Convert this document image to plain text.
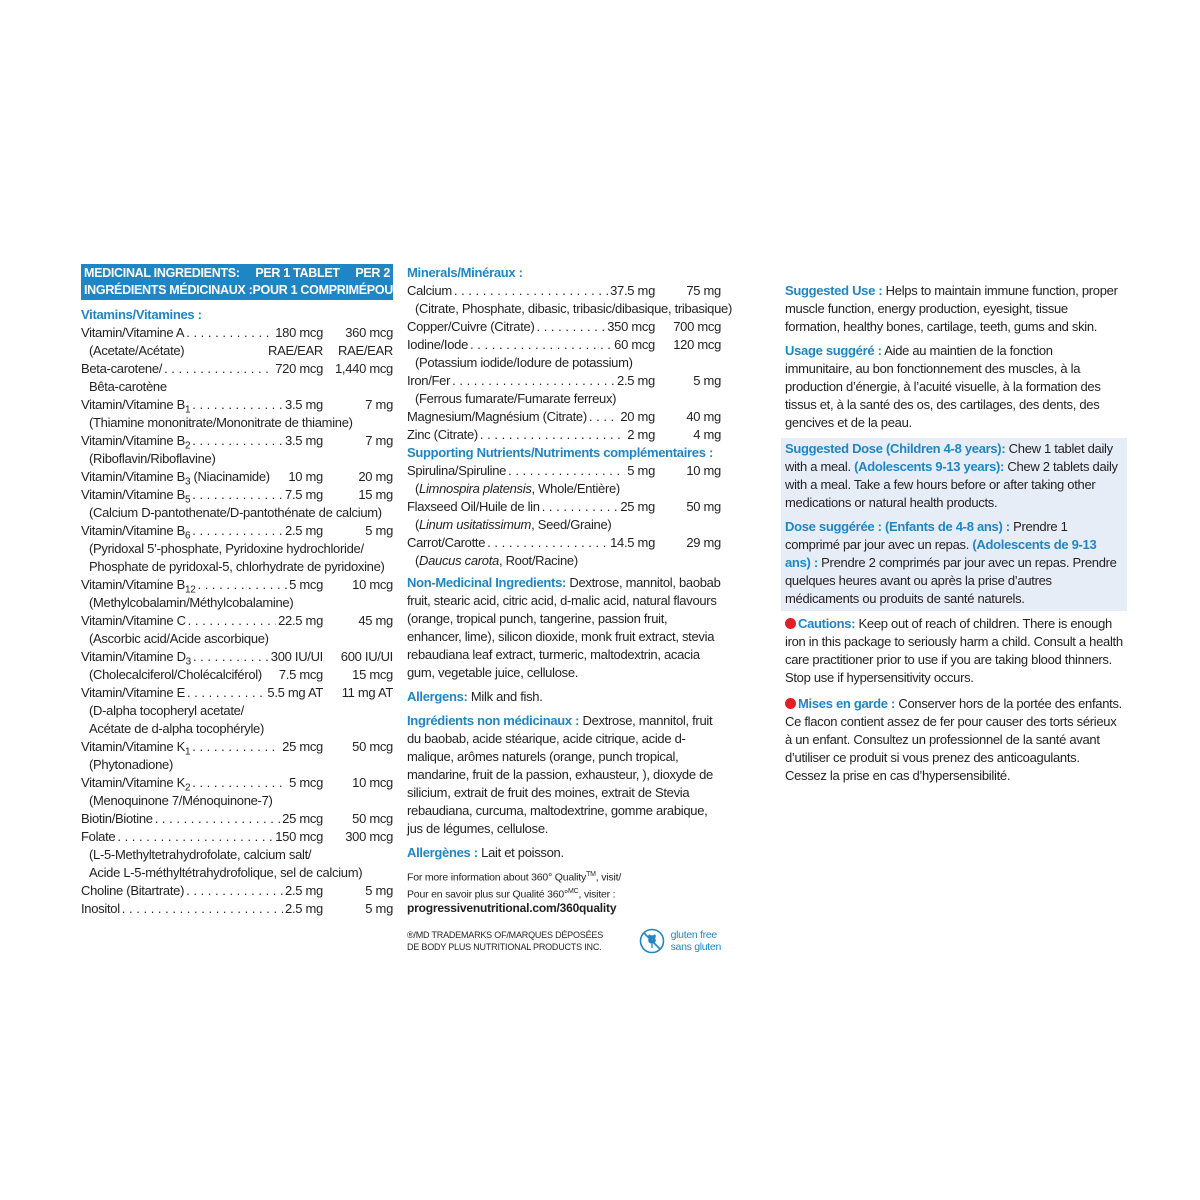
MEDICINAL INGREDIENTS: PER 1 TABLET PER 2
INGRÉDIENTS MÉDICINAUX : POUR 1 COMPRIMÉ POUR 2
Vitamins/Vitamines :
Vitamin/Vitamine A . . .	180 mcg	360 mcg
(Acetate/Acétate)	RAE/EAR	RAE/EAR
Beta-carotene/ . . .	720 mcg 1,440 mcg
Bêta-carotène
Vitamin/Vitamine $B_1$ . . .	3.5 mg	7 mg
(Thiamine mononitrate/Mononitrate de thiamine)
Vitamin/Vitamine $B_2$ . . .	3.5 mg	7 mg
(Riboflavin/Riboflavine)
Vitamin/Vitamine $B_3$ (Niacinamide) 10 mg	20 mg
Vitamin/Vitamine $B_5$ . . .	7.5 mg	15 mg
(Calcium D-pantothenate/D-pantothénate de calcium)
Vitamin/Vitamine $B_6$ . . .	2.5 mg	5 mg
(Pyridoxal 5’-phosphate, Pyridoxine hydrochloride/
Phosphate de pyridoxal-5, chlorhydrate de pyridoxine)
Vitamin/Vitamine $B_{12}$ . . .	5 mcg	10 mcg
(Methylcobalamin/Méthylcobalamine)
Vitamin/Vitamine C . . .	22.5 mg	45 mg
(Ascorbic acid/Acide ascorbique)
Vitamin/Vitamine $D_3$ . . .	300 IU/UI	600 IU/UI
(Cholecalciferol/Cholécalciférol)	7.5 mcg	15 mcg
Vitamin/Vitamine E . . .	5.5 mg AT	11 mg AT
(D-alpha tocopheryl acetate/
Acétate de d-alpha tocophéryle)
Vitamin/Vitamine $K_1$ . . .	25 mcg	50 mcg
(Phytonadione)
Vitamin/Vitamine $K_2$ . . .	5 mcg	10 mcg
(Menoquinone 7/Ménoquinone-7)
Biotin/Biotine . . .	25 mcg	50 mcg
Folate . . .	150 mcg	300 mcg
(L-5-Methyltetrahydrofolate, calcium salt/
Acide L-5-méthyltétrahydrofolique, sel de calcium)
Choline (Bitartrate) . . .	2.5 mg	5 mg
Inositol . . .	2.5 mg	5 mg
Minerals/Minéraux :
Calcium . . .	37.5 mg	75 mg
(Citrate, Phosphate, dibasic, tribasic/dibasique, tribasique)
Copper/Cuivre (Citrate) . . .	350 mcg	700 mcg
Iodine/Iode . . .	60 mcg	120 mcg
(Potassium iodide/Iodure de potassium)
Iron/Fer . . .	2.5 mg	5 mg
(Ferrous fumarate/Fumarate ferreux)
Magnesium/Magnésium (Citrate) . . .	20 mg	40 mg
Zinc (Citrate) . . .	2 mg	4 mg
Supporting Nutrients/Nutriments complémentaires :
Spirulina/Spiruline . . .	5 mg	10 mg
(Limnospira platensis, Whole/Entière)
Flaxseed Oil/Huile de lin . . .	25 mg	50 mg
(Linum usitatissimum, Seed/Graine)
Carrot/Carotte . . .	14.5 mg	29 mg
(Daucus carota, Root/Racine)
Non-Medicinal Ingredients: Dextrose, mannitol, baobab fruit, stearic acid, citric acid, d-malic acid, natural flavours (orange, tropical punch, tangerine, passion fruit, enhancer, lime), silicon dioxide, monk fruit extract, stevia rebaudiana leaf extract, turmeric, maltodextrin, acacia gum, vegetable juice, cellulose.
Allergens: Milk and fish.
Ingrédients non médicinaux : Dextrose, mannitol, fruit du baobab, acide stéarique, acide citrique, acide d-malique, arômes naturels (orange, punch tropical, mandarine, fruit de la passion, exhausteur, ), dioxyde de silicium, extrait de fruit des moines, extrait de Stevia rebaudiana, curcuma, maltodextrine, gomme arabique, jus de légumes, cellulose.
Allergènes : Lait et poisson.
For more information about 360° Quality™, visit/
Pour en savoir plus sur Qualité 360°$^{MC}$, visiter :
progressivenutritional.com/360quality
®/MD TRADEMARKS OF/MARQUES DÉPOSÉES
DE BODY PLUS NUTRITIONAL PRODUCTS INC.
gluten free
sans gluten
Suggested Use : Helps to maintain immune function, proper muscle function, energy production, eyesight, tissue formation, healthy bones, cartilage, teeth, gums and skin.
Usage suggéré : Aide au maintien de la fonction immunitaire, au bon fonctionnement des muscles, à la production d’énergie, à l’acuité visuelle, à la formation des tissus et, à la santé des os, des cartilages, des dents, des gencives et de la peau.
Suggested Dose (Children 4-8 years): Chew 1 tablet daily with a meal. (Adolescents 9-13 years): Chew 2 tablets daily with a meal. Take a few hours before or after taking other medications or natural health products.
Dose suggérée : (Enfants de 4-8 ans) : Prendre 1 comprimé par jour avec un repas. (Adolescents de 9-13 ans) : Prendre 2 comprimés par jour avec un repas. Prendre quelques heures avant ou après la prise d’autres médicaments ou produits de santé naturels.
Cautions: Keep out of reach of children. There is enough iron in this package to seriously harm a child. Consult a health care practitioner prior to use if you are taking blood thinners. Stop use if hypersensitivity occurs.
Mises en garde : Conserver hors de la portée des enfants. Ce flacon contient assez de fer pour causer des torts sérieux à un enfant. Consultez un professionnel de la santé avant d’utiliser ce produit si vous prenez des anticoagulants. Cessez la prise en cas d’hypersensibilité.
